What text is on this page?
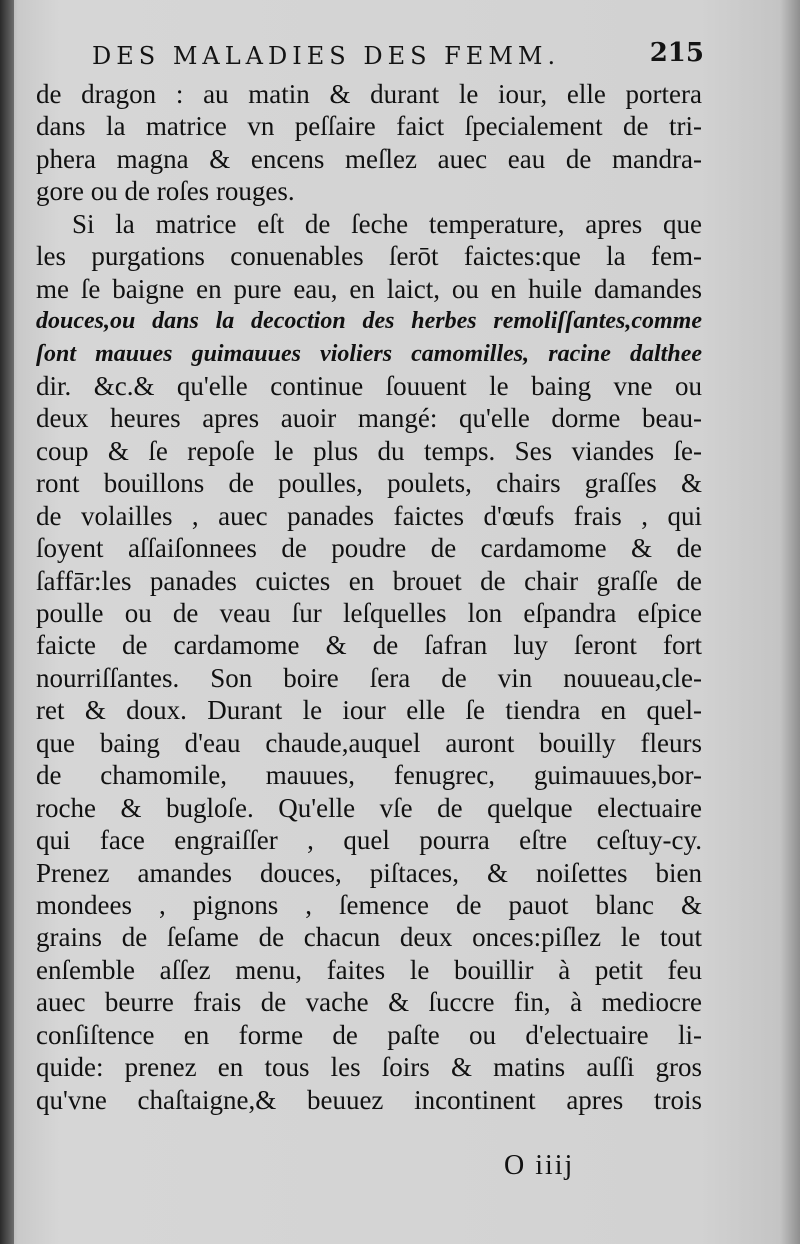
DES MALADIES DES FEMM.	215
de dragon : au matin & durant le iour, elle portera
dans la matrice vn peſſaire faict ſpecialement de tri-
phera magna & encens meſlez auec eau de mandra-
gore ou de roſes rouges.
Si la matrice eſt de ſeche temperature, apres que
les purgations conuenables ſerōt faictes:que la fem-
me ſe baigne en pure eau, en laict, ou en huile damandes
douces,ou dans la decoction des herbes remoliſſantes,comme
ſont mauues guimauues violiers camomilles, racine dalthee
dir. &c.& qu'elle continue ſouuent le baing vne ou
deux heures apres auoir mangé: qu'elle dorme beau-
coup & ſe repoſe le plus du temps. Ses viandes ſe-
ront bouillons de poulles, poulets, chairs graſſes &
de volailles , auec panades faictes d'œufs frais , qui
ſoyent aſſaiſonnees de poudre de cardamome & de
ſaffār:les panades cuictes en brouet de chair graſſe de
poulle ou de veau ſur leſquelles lon eſpandra eſpice
faicte de cardamome & de ſafran luy ſeront fort
nourriſſantes. Son boire ſera de vin nouueau,cle-
ret & doux. Durant le iour elle ſe tiendra en quel-
que baing d'eau chaude,auquel auront bouilly fleurs
de chamomile, mauues, fenugrec, guimauues,bor-
roche & bugloſe. Qu'elle vſe de quelque electuaire
qui face engraiſſer , quel pourra eſtre ceſtuy-cy.
Prenez amandes douces, piſtaces, & noiſettes bien
mondees , pignons , ſemence de pauot blanc &
grains de ſeſame de chacun deux onces:piſlez le tout
enſemble aſſez menu, faites le bouillir à petit feu
auec beurre frais de vache & ſuccre fin, à mediocre
conſiſtence en forme de paſte ou d'electuaire li-
quide: prenez en tous les ſoirs & matins auſſi gros
qu'vne chaſtaigne,& beuuez incontinent apres trois
O iiij
